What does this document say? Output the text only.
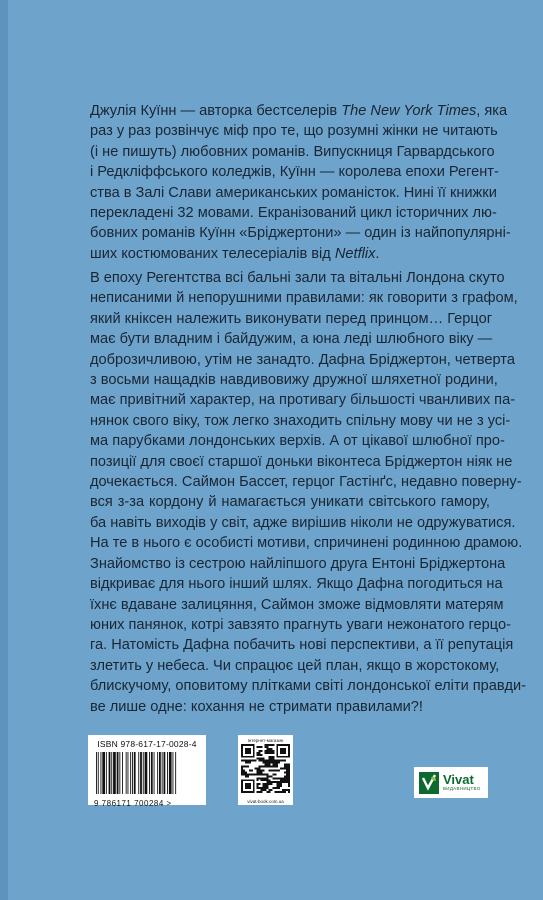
Джулія Куїнн — авторка бестселерів The New York Times, яка
раз у раз розвінчує міф про те, що розумні жінки не читають
(і не пишуть) любовних романів. Випускниця Гарвардського
і Редкліффського коледжів, Куїнн — королева епохи Регент-
ства в Залі Слави американських романісток. Нині її книжки
перекладені 32 мовами. Екранізований цикл історичних лю-
бовних романів Куїнн «Бріджертони» — один із найпопулярні-
ших костюмованих телесеріалів від Netflix.
В епоху Регентства всі бальні зали та вітальні Лондона скуто
неписаними й непорушними правилами: як говорити з графом,
який кніксен належить виконувати перед принцом… Герцог
має бути владним і байдужим, а юна леді шлюбного віку —
доброзичливою, утім не занадто. Дафна Бріджертон, четверта
з восьми нащадків навдивовижу дружної шляхетної родини,
має привітний характер, на противагу більшості чванливих па-
нянок свого віку, тож легко знаходить спільну мову чи не з усі-
ма парубками лондонських верхів. А от цікавої шлюбної про-
позиції для своєї старшої доньки віконтеса Бріджертон ніяк не
дочекається. Саймон Бассет, герцог Гастінґс, недавно поверну-
вся з-за кордону й намагається уникати світського гамору,
ба навіть виходів у світ, адже вирішив ніколи не одружуватися.
На те в нього є особисті мотиви, спричинені родинною драмою.
Знайомство із сестрою найліпшого друга Ентоні Бріджертона
відкриває для нього інший шлях. Якщо Дафна погодиться на
їхнє вдаване залицяння, Саймон зможе відмовляти матерям
юних панянок, котрі завзято прагнуть уваги нежонатого герцо-
га. Натомість Дафна побачить нові перспективи, а її репутація
злетить у небеса. Чи спрацює цей план, якщо в жорстокому,
блискучому, оповитому плітками світі лондонської еліти правди-
ве лише одне: кохання не стримати правилами?!
ISBN 978-617-17-0028-4
9 786171 700284 >
Інтернет-магазин
vivat-book.com.ua
Vivat
ВИДАВНИЦТВО
